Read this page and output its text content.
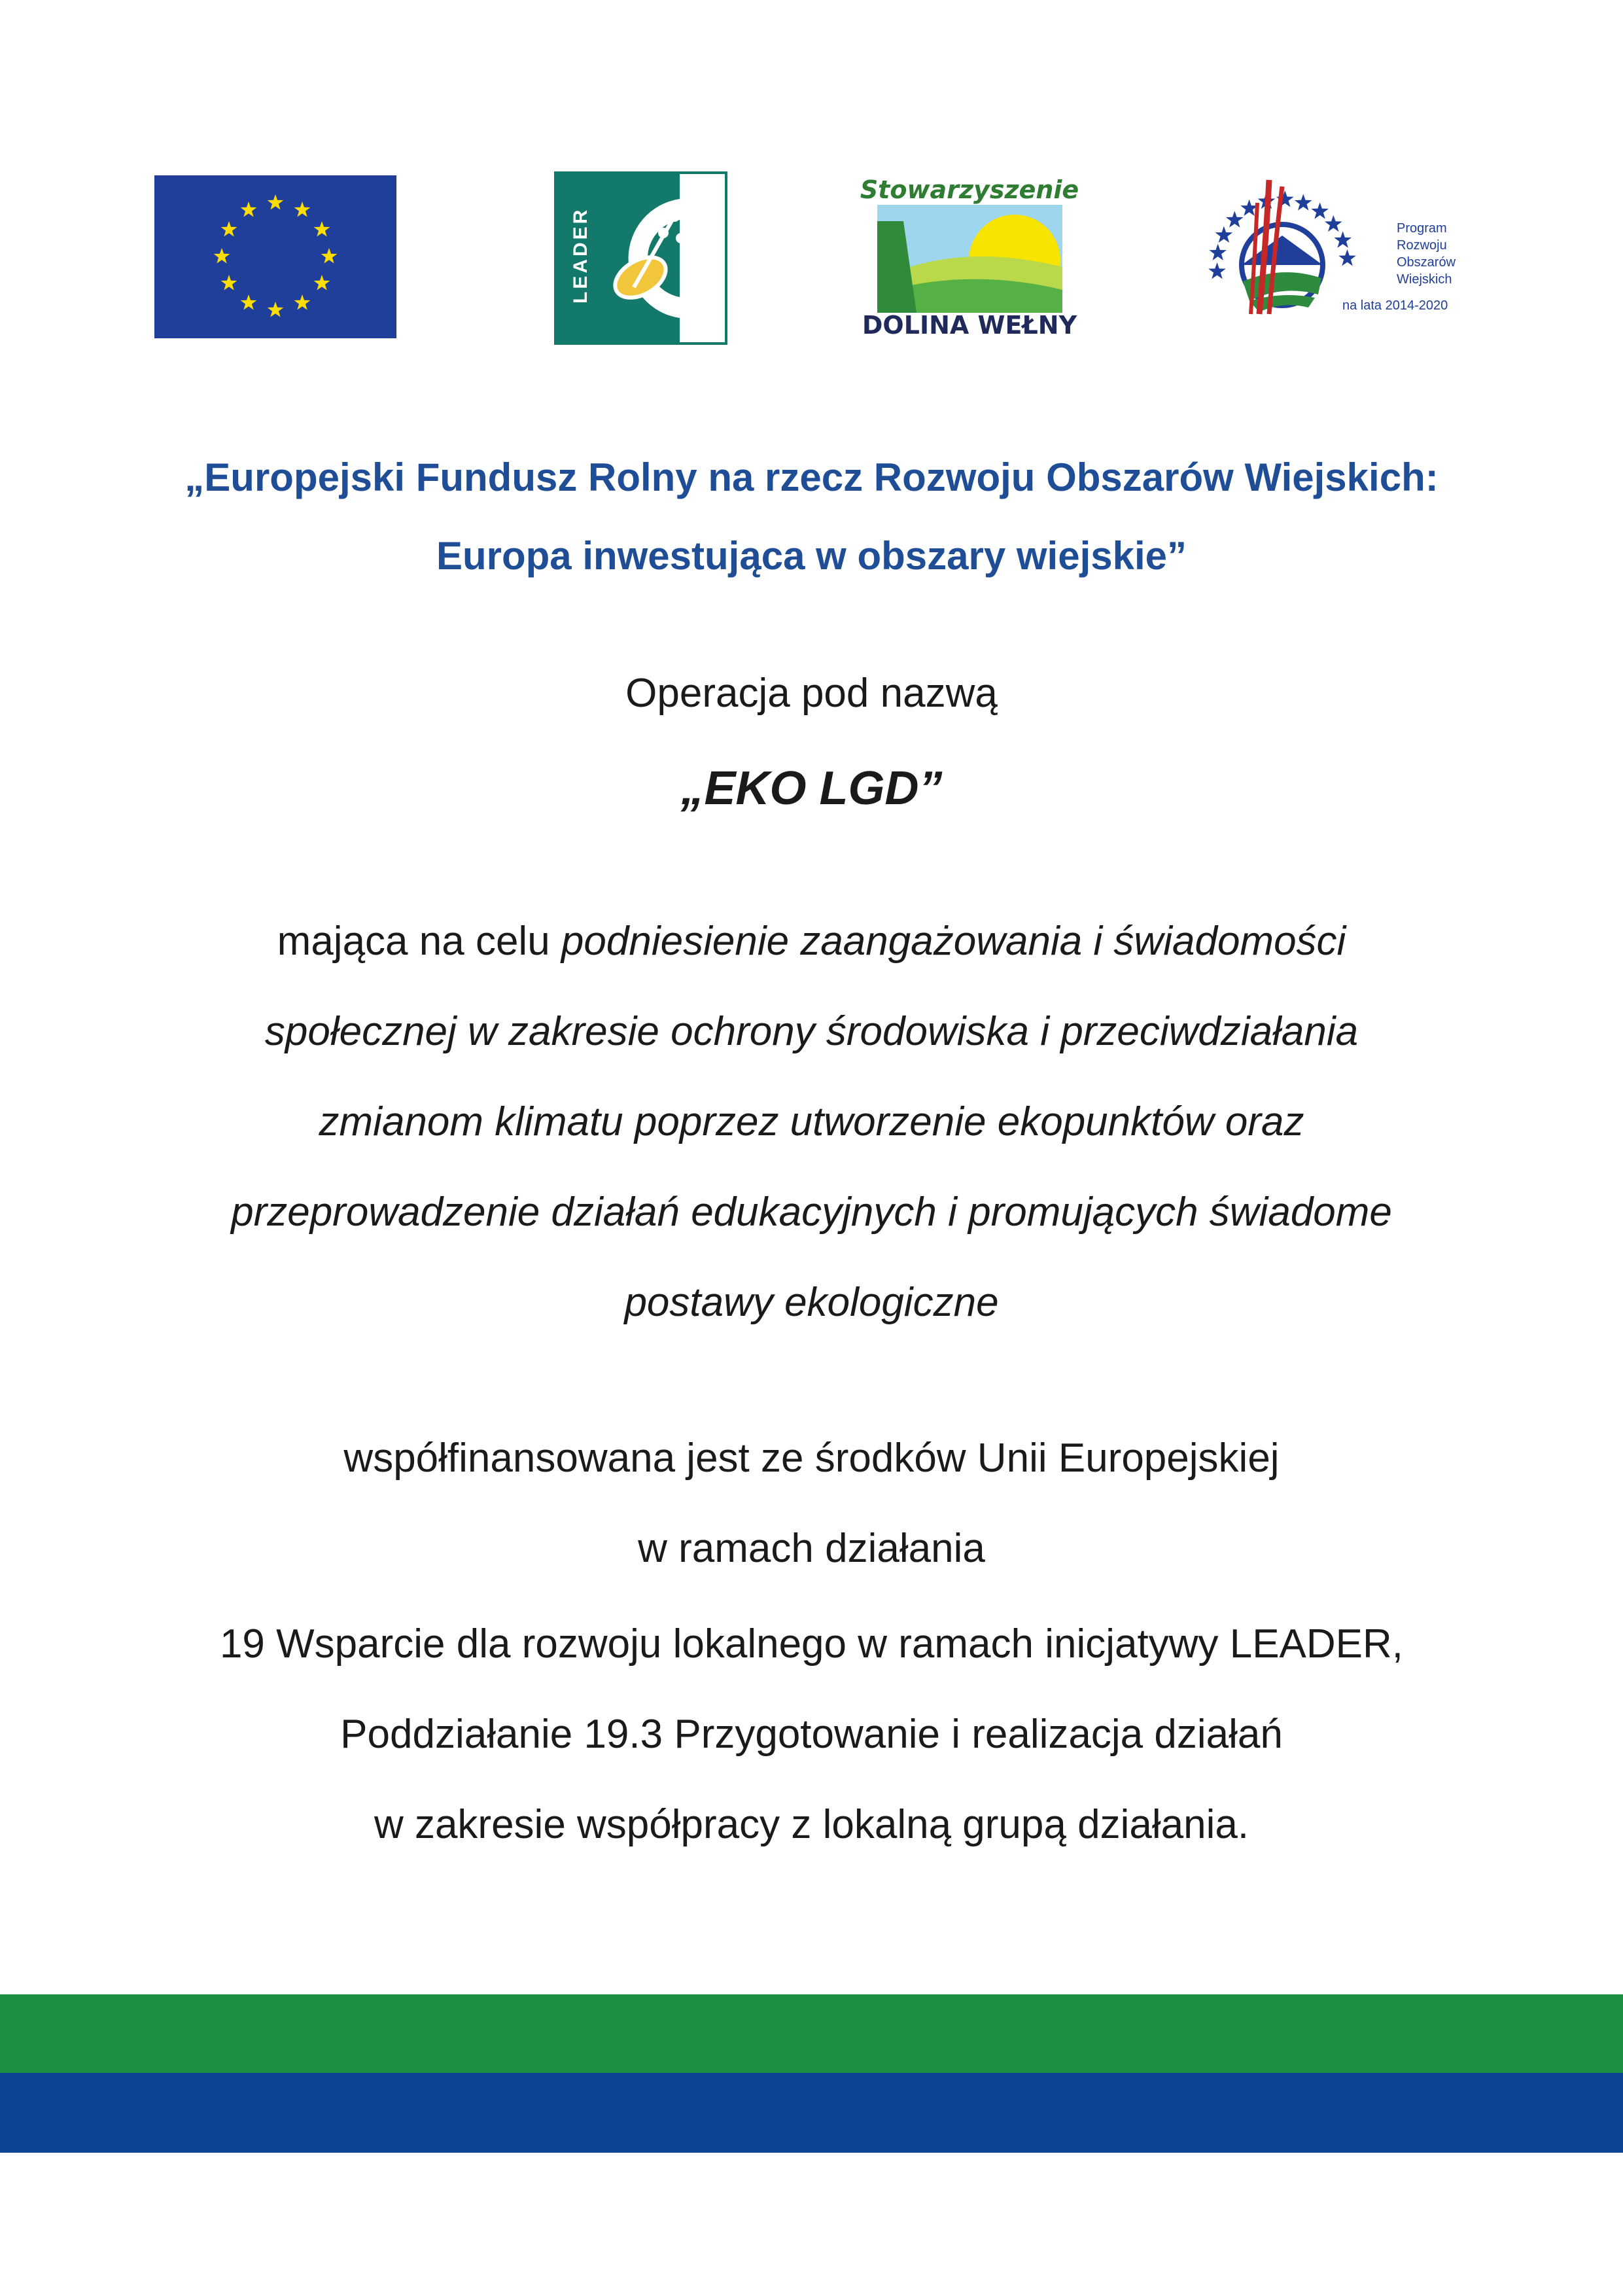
LEADER
Stowarzyszenie
DOLINA WEŁNY
Program
Rozwoju
Obszarów
Wiejskich
na lata 2014-2020
„Europejski Fundusz Rolny na rzecz Rozwoju Obszarów Wiejskich:
Europa inwestująca w obszary wiejskie”
Operacja pod nazwą
„EKO LGD”
mająca na celu podniesienie zaangażowania i świadomości
społecznej w zakresie ochrony środowiska i przeciwdziałania
zmianom klimatu poprzez utworzenie ekopunktów oraz
przeprowadzenie działań edukacyjnych i promujących świadome
postawy ekologiczne
współfinansowana jest ze środków Unii Europejskiej
w ramach działania
19 Wsparcie dla rozwoju lokalnego w ramach inicjatywy LEADER,
Poddziałanie 19.3 Przygotowanie i realizacja działań
w zakresie współpracy z lokalną grupą działania.
